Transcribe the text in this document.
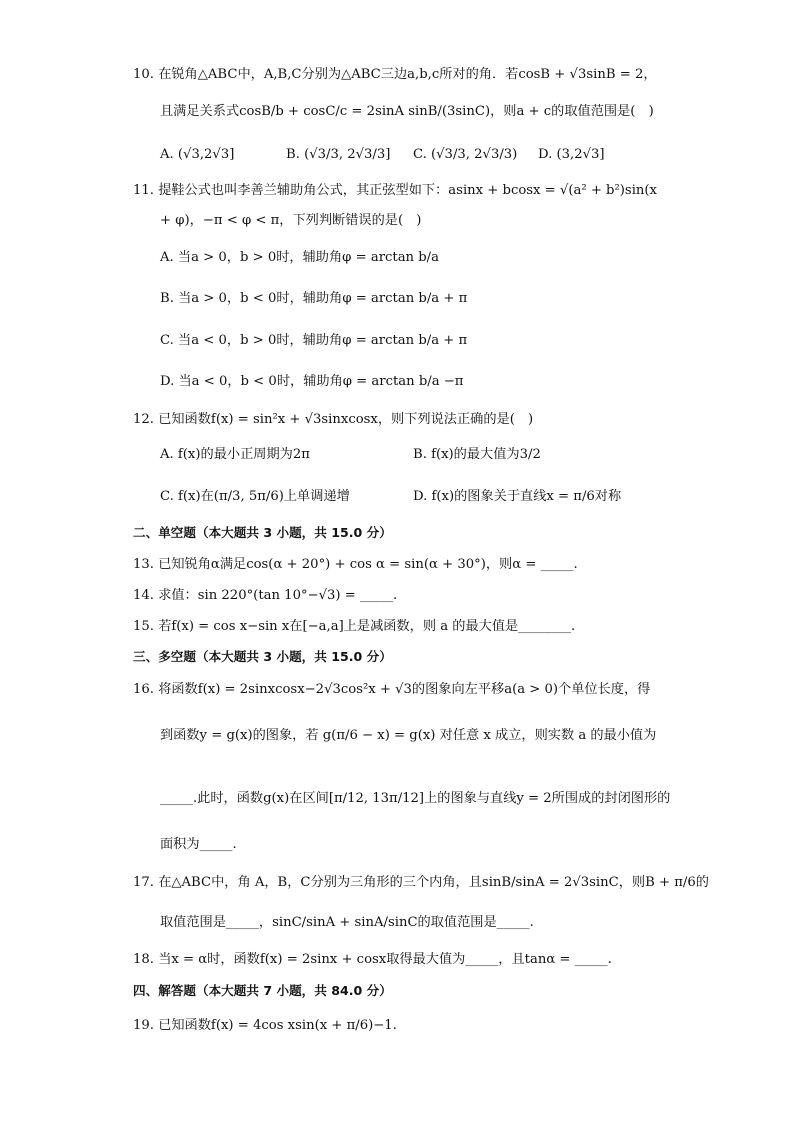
10. 在锐角△ABC中，A,B,C分别为△ABC三边a,b,c所对的角．若cosB + √3sinB = 2，
且满足关系式cosB/b + cosC/c = 2sinA sinB/(3sinC)，则a + c的取值范围是(　)
A. (√3,2√3]	B. (√3/3, 2√3/3] C. (√3/3, 2√3/3) D. (3,2√3]
11. 提鞋公式也叫李善兰辅助角公式，其正弦型如下：asinx + bcosx = √(a² + b²)sin(x
+ φ)，−π < φ < π，下列判断错误的是(　)
A. 当a > 0，b > 0时，辅助角φ = arctan b/a
B. 当a > 0，b < 0时，辅助角φ = arctan b/a + π
C. 当a < 0，b > 0时，辅助角φ = arctan b/a + π
D. 当a < 0，b < 0时，辅助角φ = arctan b/a −π
12. 已知函数f(x) = sin²x + √3sinxcosx，则下列说法正确的是(　)
A. f(x)的最小正周期为2π	B. f(x)的最大值为3/2
C. f(x)在(π/3, 5π/6)上单调递增	D. f(x)的图象关于直线x = π/6对称
二、单空题（本大题共 3 小题，共 15.0 分）
13. 已知锐角α满足cos(α + 20°) + cos α = sin(α + 30°)，则α = _____.
14. 求值：sin 220°(tan 10°−√3) = _____.
15. 若f(x) = cos x−sin x在[−a,a]上是减函数，则 a 的最大值是________.
三、多空题（本大题共 3 小题，共 15.0 分）
16. 将函数f(x) = 2sinxcosx−2√3cos²x + √3的图象向左平移a(a > 0)个单位长度，得
到函数y = g(x)的图象，若 g(π/6 − x) = g(x) 对任意 x 成立，则实数 a 的最小值为
_____.此时，函数g(x)在区间[π/12, 13π/12]上的图象与直线y = 2所围成的封闭图形的
面积为_____.
17. 在△ABC中，角 A，B，C分别为三角形的三个内角，且sinB/sinA = 2√3sinC，则B + π/6的
取值范围是_____，sinC/sinA + sinA/sinC的取值范围是_____.
18. 当x = α时，函数f(x) = 2sinx + cosx取得最大值为_____，且tanα = _____.
四、解答题（本大题共 7 小题，共 84.0 分）
19. 已知函数f(x) = 4cos xsin(x + π/6)−1.
